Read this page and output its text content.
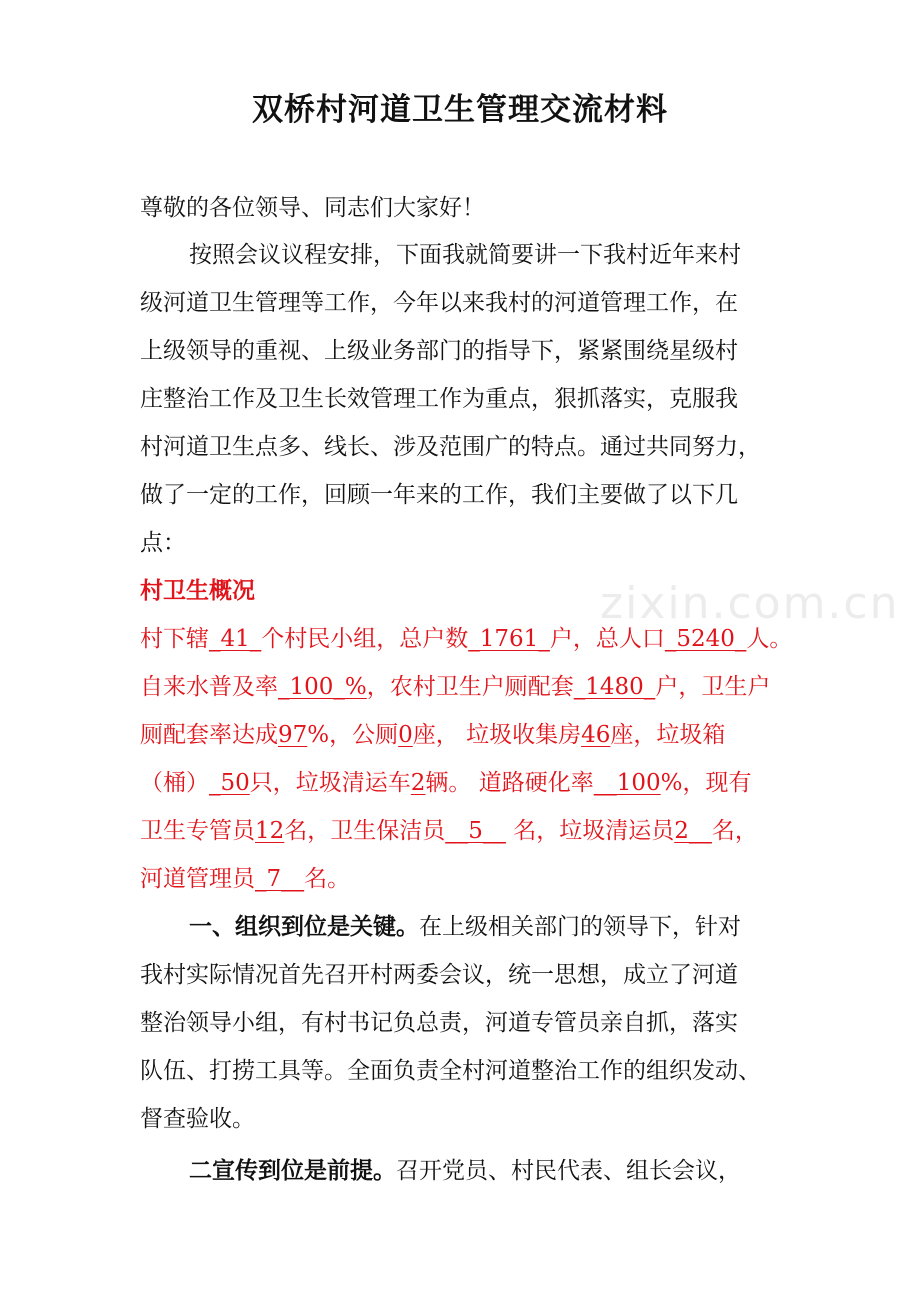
zixin.com.cn
双桥村河道卫生管理交流材料
尊敬的各位领导、同志们大家好！
按照会议议程安排，下面我就简要讲一下我村近年来村
级河道卫生管理等工作，今年以来我村的河道管理工作，在
上级领导的重视、上级业务部门的指导下，紧紧围绕星级村
庄整治工作及卫生长效管理工作为重点，狠抓落实，克服我
村河道卫生点多、线长、涉及范围广的特点。通过共同努力，
做了一定的工作，回顾一年来的工作，我们主要做了以下几
点：
村卫生概况
村下辖_41_个村民小组，总户数_1761_户，总人口_5240_人。
自来水普及率_100_%，农村卫生户厕配套_1480_户，卫生户
厕配套率达成97%，公厕0座， 垃圾收集房46座，垃圾箱
（桶）_50只，垃圾清运车2辆。 道路硬化率__100%，现有
卫生专管员12名，卫生保洁员__5__ 名，垃圾清运员2__名，
河道管理员_7__名。
一、组织到位是关键。在上级相关部门的领导下，针对
我村实际情况首先召开村两委会议，统一思想，成立了河道
整治领导小组，有村书记负总责，河道专管员亲自抓，落实
队伍、打捞工具等。全面负责全村河道整治工作的组织发动、
督查验收。
二宣传到位是前提。召开党员、村民代表、组长会议，
